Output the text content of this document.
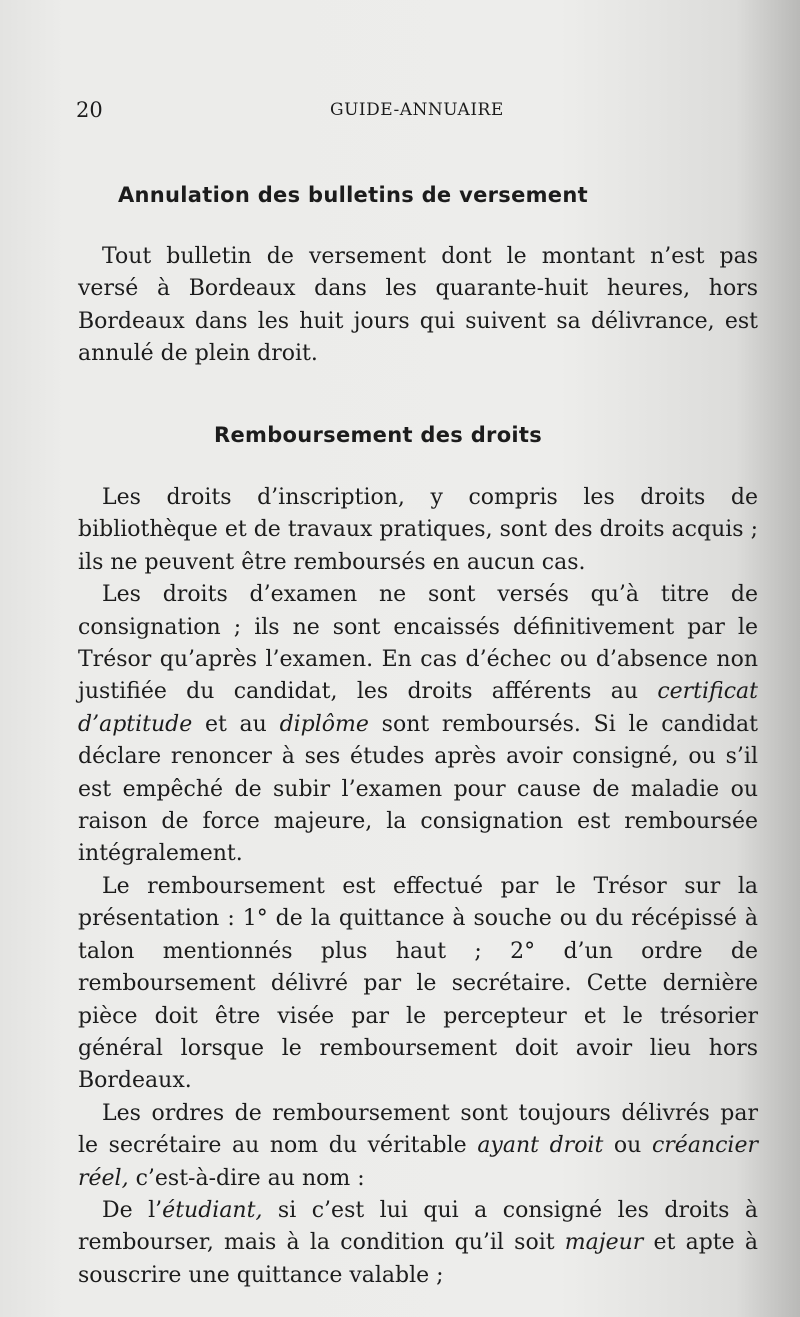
20	GUIDE-ANNUAIRE
Annulation des bulletins de versement

Tout bulletin de versement dont le montant n’est pas versé à Bordeaux dans les quarante-huit heures, hors Bordeaux dans les huit jours qui suivent sa délivrance, est annulé de plein droit.

Remboursement des droits

Les droits d’inscription, y compris les droits de bibliothèque et de travaux pratiques, sont des droits acquis ; ils ne peuvent être remboursés en aucun cas.

Les droits d’examen ne sont versés qu’à titre de consignation ; ils ne sont encaissés définitivement par le Trésor qu’après l’examen. En cas d’échec ou d’absence non justifiée du candidat, les droits afférents au certificat d’aptitude et au diplôme sont remboursés. Si le candidat déclare renoncer à ses études après avoir consigné, ou s’il est empêché de subir l’examen pour cause de maladie ou raison de force majeure, la consignation est remboursée intégralement.

Le remboursement est effectué par le Trésor sur la présentation : 1° de la quittance à souche ou du récépissé à talon mentionnés plus haut ; 2° d’un ordre de remboursement délivré par le secrétaire. Cette dernière pièce doit être visée par le percepteur et le trésorier général lorsque le remboursement doit avoir lieu hors Bordeaux.

Les ordres de remboursement sont toujours délivrés par le secrétaire au nom du véritable ayant droit ou créancier réel, c’est-à-dire au nom :

De l’étudiant, si c’est lui qui a consigné les droits à rembourser, mais à la condition qu’il soit majeur et apte à souscrire une quittance valable ;
